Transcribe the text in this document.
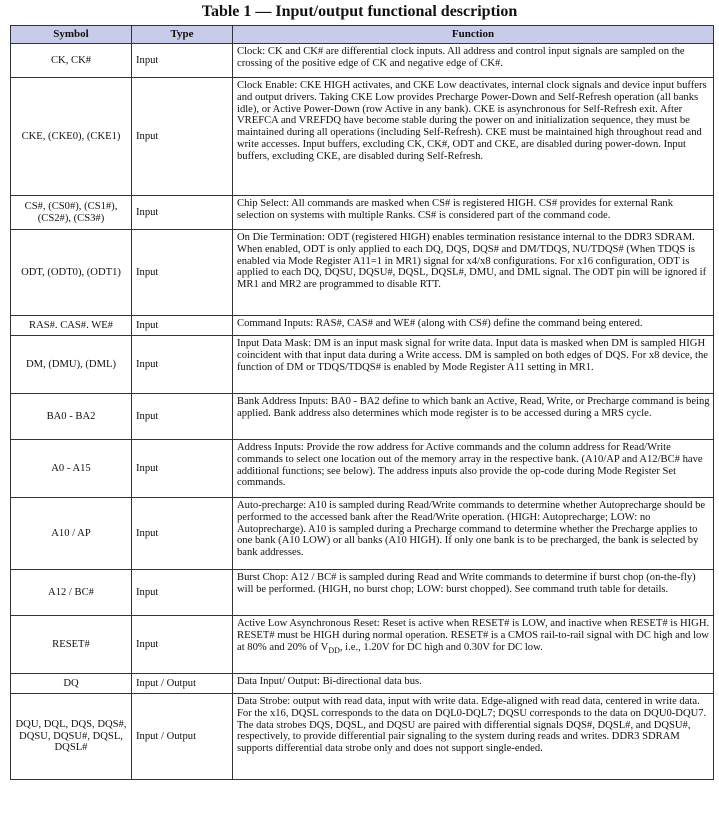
Table 1 — Input/output functional description
Symbol	Type	Function
CK, CK#	Input	Clock: CK and CK# are differential clock inputs. All address and control input signals are sampled on the crossing of the positive edge of CK and negative edge of CK#.
CKE, (CKE0), (CKE1)	Input	Clock Enable: CKE HIGH activates, and CKE Low deactivates, internal clock signals and device input buffers and output drivers. Taking CKE Low provides Precharge Power-Down and Self-Refresh operation (all banks idle), or Active Power-Down (row Active in any bank). CKE is asynchronous for Self-Refresh exit. After VREFCA and VREFDQ have become stable during the power on and initialization sequence, they must be maintained during all operations (including Self-Refresh). CKE must be maintained high throughout read and write accesses. Input buffers, excluding CK, CK#, ODT and CKE, are disabled during power-down. Input buffers, excluding CKE, are disabled during Self-Refresh.
CS#, (CS0#), (CS1#), (CS2#), (CS3#)	Input	Chip Select: All commands are masked when CS# is registered HIGH. CS# provides for external Rank selection on systems with multiple Ranks. CS# is considered part of the command code.
ODT, (ODT0), (ODT1)	Input	On Die Termination: ODT (registered HIGH) enables termination resistance internal to the DDR3 SDRAM. When enabled, ODT is only applied to each DQ, DQS, DQS# and DM/TDQS, NU/TDQS# (When TDQS is enabled via Mode Register A11=1 in MR1) signal for x4/x8 configurations. For x16 configuration, ODT is applied to each DQ, DQSU, DQSU#, DQSL, DQSL#, DMU, and DML signal. The ODT pin will be ignored if MR1 and MR2 are programmed to disable RTT.
RAS#. CAS#. WE#	Input	Command Inputs: RAS#, CAS# and WE# (along with CS#) define the command being entered.
DM, (DMU), (DML)	Input	Input Data Mask: DM is an input mask signal for write data. Input data is masked when DM is sampled HIGH coincident with that input data during a Write access. DM is sampled on both edges of DQS. For x8 device, the function of DM or TDQS/TDQS# is enabled by Mode Register A11 setting in MR1.
BA0 - BA2	Input	Bank Address Inputs: BA0 - BA2 define to which bank an Active, Read, Write, or Precharge command is being applied. Bank address also determines which mode register is to be accessed during a MRS cycle.
A0 - A15	Input	Address Inputs: Provide the row address for Active commands and the column address for Read/Write commands to select one location out of the memory array in the respective bank. (A10/AP and A12/BC# have additional functions; see below). The address inputs also provide the op-code during Mode Register Set commands.
A10 / AP	Input	Auto-precharge: A10 is sampled during Read/Write commands to determine whether Autoprecharge should be performed to the accessed bank after the Read/Write operation. (HIGH: Autoprecharge; LOW: no Autoprecharge). A10 is sampled during a Precharge command to determine whether the Precharge applies to one bank (A10 LOW) or all banks (A10 HIGH). If only one bank is to be precharged, the bank is selected by bank addresses.
A12 / BC#	Input	Burst Chop: A12 / BC# is sampled during Read and Write commands to determine if burst chop (on-the-fly) will be performed. (HIGH, no burst chop; LOW: burst chopped). See command truth table for details.
RESET#	Input	Active Low Asynchronous Reset: Reset is active when RESET# is LOW, and inactive when RESET# is HIGH. RESET# must be HIGH during normal operation. RESET# is a CMOS rail-to-rail signal with DC high and low at 80% and 20% of $V_{DD}$, i.e., 1.20V for DC high and 0.30V for DC low.
DQ	Input / Output	Data Input/ Output: Bi-directional data bus.
DQU, DQL, DQS, DQS#, DQSU, DQSU#, DQSL, DQSL#	Input / Output	Data Strobe: output with read data, input with write data. Edge-aligned with read data, centered in write data. For the x16, DQSL corresponds to the data on DQL0-DQL7; DQSU corresponds to the data on DQU0-DQU7. The data strobes DQS, DQSL, and DQSU are paired with differential signals DQS#, DQSL#, and DQSU#, respectively, to provide differential pair signaling to the system during reads and writes. DDR3 SDRAM supports differential data strobe only and does not support single-ended.
